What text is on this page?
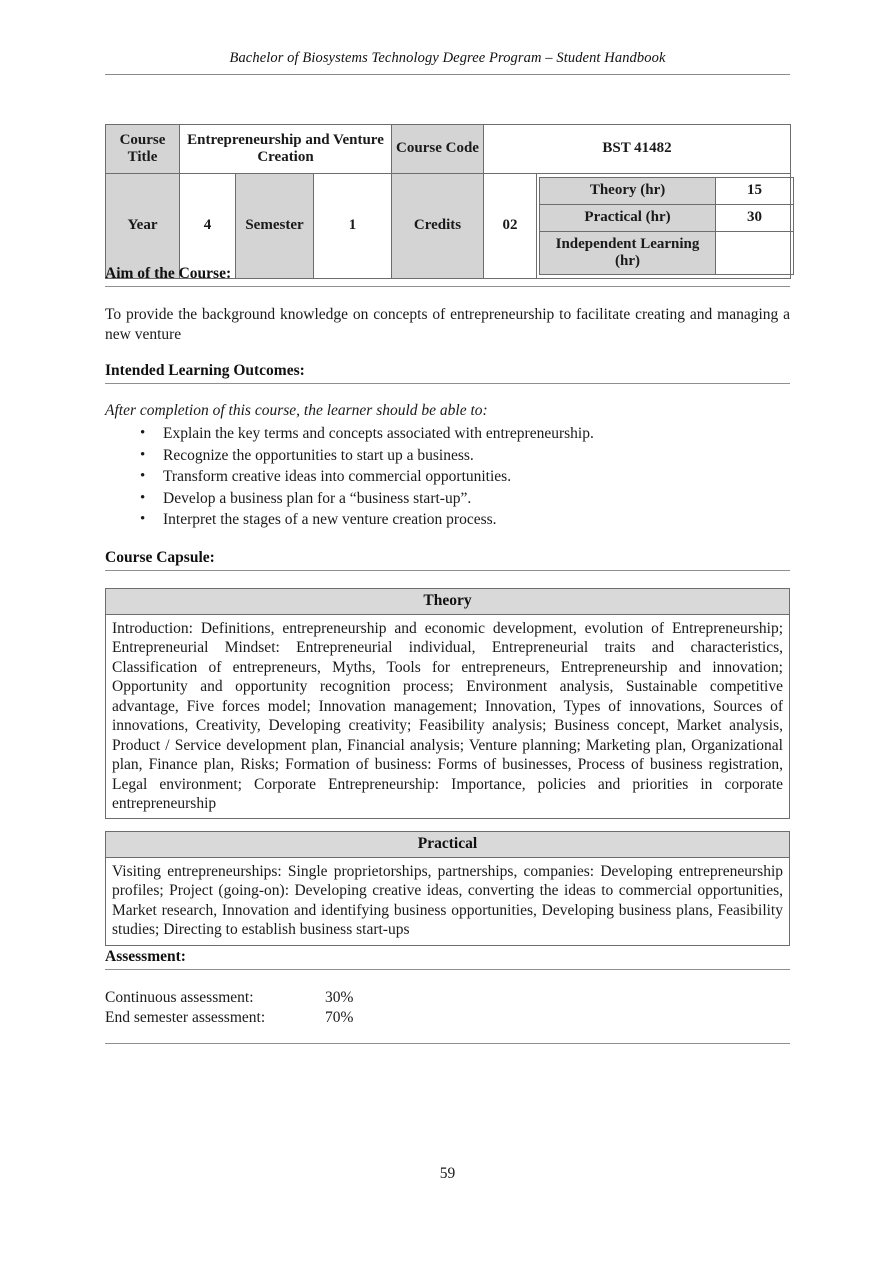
Bachelor of Biosystems Technology Degree Program – Student Handbook
Course Title	Entrepreneurship and Venture Creation	Course Code	BST 41482
Year	4	Semester	1	Credits	02	
Theory (hr)	15
Practical (hr)	30
Independent Learning (hr)	
Aim of the Course:
To provide the background knowledge on concepts of entrepreneurship to facilitate creating and managing a new venture
Intended Learning Outcomes:
After completion of this course, the learner should be able to:
• Explain the key terms and concepts associated with entrepreneurship.
• Recognize the opportunities to start up a business.
• Transform creative ideas into commercial opportunities.
• Develop a business plan for a “business start-up”.
• Interpret the stages of a new venture creation process.
Course Capsule:
Theory
Introduction: Definitions, entrepreneurship and economic development, evolution of Entrepreneurship; Entrepreneurial Mindset: Entrepreneurial individual, Entrepreneurial traits and characteristics, Classification of entrepreneurs, Myths, Tools for entrepreneurs, Entrepreneurship and innovation; Opportunity and opportunity recognition process; Environment analysis, Sustainable competitive advantage, Five forces model; Innovation management; Innovation, Types of innovations, Sources of innovations, Creativity, Developing creativity; Feasibility analysis; Business concept, Market analysis, Product / Service development plan, Financial analysis; Venture planning; Marketing plan, Organizational plan, Finance plan, Risks; Formation of business: Forms of businesses, Process of business registration, Legal environment; Corporate Entrepreneurship: Importance, policies and priorities in corporate entrepreneurship
Practical
Visiting entrepreneurships: Single proprietorships, partnerships, companies: Developing entrepreneurship profiles; Project (going-on): Developing creative ideas, converting the ideas to commercial opportunities, Market research, Innovation and identifying business opportunities, Developing business plans, Feasibility studies; Directing to establish business start-ups
Assessment:
Continuous assessment:	30%
End semester assessment:	70%
59
